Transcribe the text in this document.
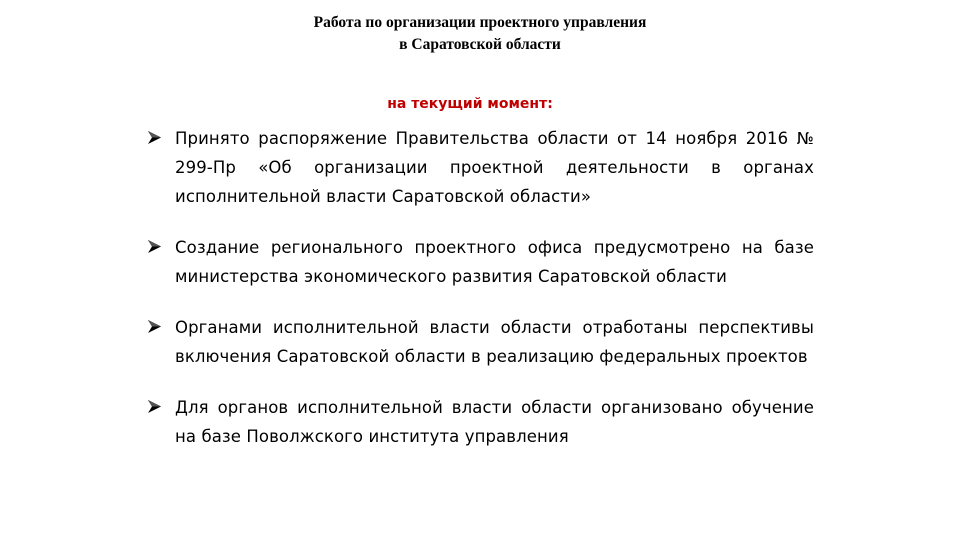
Работа по организации проектного управления
в Саратовской области
на текущий момент:
Принято распоряжение Правительства области от 14 ноября 2016 № 299-Пр «Об организации проектной деятельности в органах исполнительной власти Саратовской области»
Создание регионального проектного офиса предусмотрено на базе министерства экономического развития Саратовской области
Органами исполнительной власти области отработаны перспективы включения Саратовской области в реализацию федеральных проектов
Для органов исполнительной власти области организовано обучение на базе Поволжского института управления
